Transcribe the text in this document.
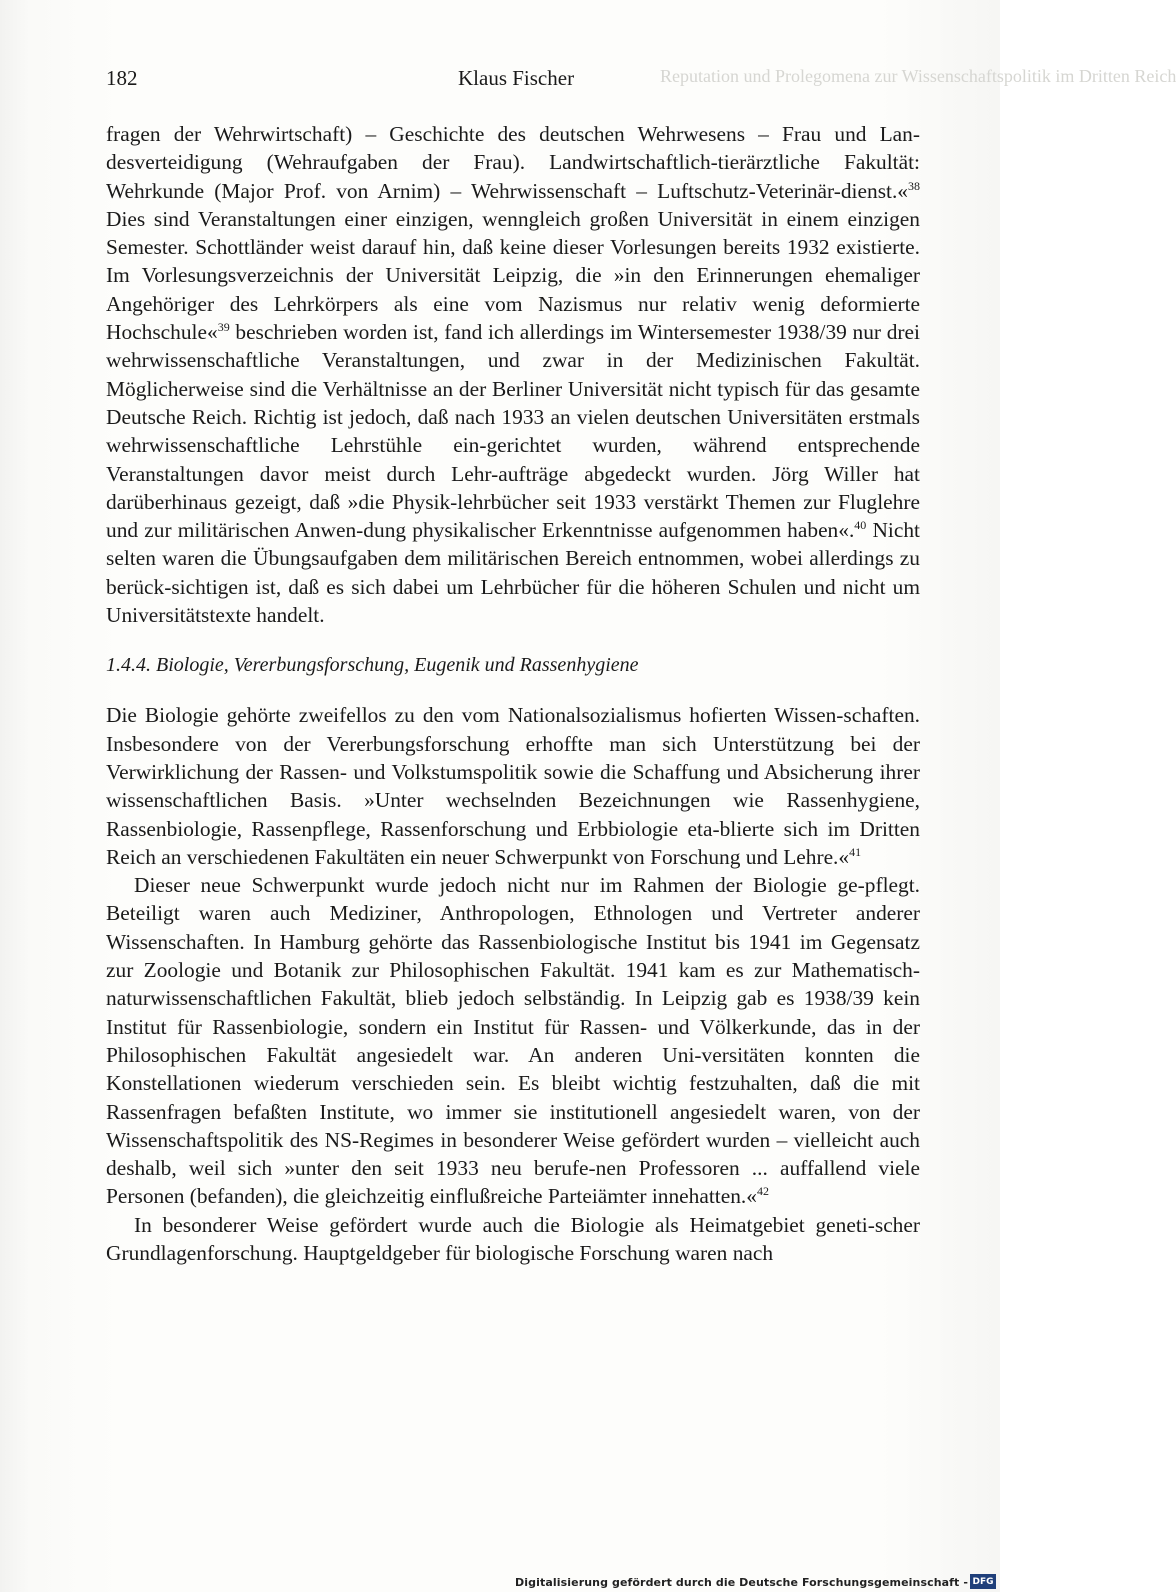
Reputation und Prolegomena zur Wissenschaftspolitik im Dritten Reich
182	Klaus Fischer

fragen der Wehrwirtschaft) – Geschichte des deutschen Wehrwesens – Frau und Lan-desverteidigung (Wehraufgaben der Frau). Landwirtschaftlich-tierärztliche Fakultät: Wehrkunde (Major Prof. von Arnim) – Wehrwissenschaft – Luftschutz-Veterinär-dienst.«$^{38}$ Dies sind Veranstaltungen einer einzigen, wenngleich großen Universität in einem einzigen Semester. Schottländer weist darauf hin, daß keine dieser Vorlesungen bereits 1932 existierte. Im Vorlesungsverzeichnis der Universität Leipzig, die »in den Erinnerungen ehemaliger Angehöriger des Lehrkörpers als eine vom Nazismus nur relativ wenig deformierte Hochschule«$^{39}$ beschrieben worden ist, fand ich allerdings im Wintersemester 1938/39 nur drei wehrwissenschaftliche Veranstaltungen, und zwar in der Medizinischen Fakultät. Möglicherweise sind die Verhältnisse an der Berliner Universität nicht typisch für das gesamte Deutsche Reich. Richtig ist jedoch, daß nach 1933 an vielen deutschen Universitäten erstmals wehrwissenschaftliche Lehrstühle ein-gerichtet wurden, während entsprechende Veranstaltungen davor meist durch Lehr-aufträge abgedeckt wurden. Jörg Willer hat darüberhinaus gezeigt, daß »die Physik-lehrbücher seit 1933 verstärkt Themen zur Fluglehre und zur militärischen Anwen-dung physikalischer Erkenntnisse aufgenommen haben«.$^{40}$ Nicht selten waren die Übungsaufgaben dem militärischen Bereich entnommen, wobei allerdings zu berück-sichtigen ist, daß es sich dabei um Lehrbücher für die höheren Schulen und nicht um Universitätstexte handelt.

1.4.4. Biologie, Vererbungsforschung, Eugenik und Rassenhygiene

Die Biologie gehörte zweifellos zu den vom Nationalsozialismus hofierten Wissen-schaften. Insbesondere von der Vererbungsforschung erhoffte man sich Unterstützung bei der Verwirklichung der Rassen- und Volkstumspolitik sowie die Schaffung und Absicherung ihrer wissenschaftlichen Basis. »Unter wechselnden Bezeichnungen wie Rassenhygiene, Rassenbiologie, Rassenpflege, Rassenforschung und Erbbiologie eta-blierte sich im Dritten Reich an verschiedenen Fakultäten ein neuer Schwerpunkt von Forschung und Lehre.«$^{41}$

Dieser neue Schwerpunkt wurde jedoch nicht nur im Rahmen der Biologie ge-pflegt. Beteiligt waren auch Mediziner, Anthropologen, Ethnologen und Vertreter anderer Wissenschaften. In Hamburg gehörte das Rassenbiologische Institut bis 1941 im Gegensatz zur Zoologie und Botanik zur Philosophischen Fakultät. 1941 kam es zur Mathematisch-naturwissenschaftlichen Fakultät, blieb jedoch selbständig. In Leipzig gab es 1938/39 kein Institut für Rassenbiologie, sondern ein Institut für Rassen- und Völkerkunde, das in der Philosophischen Fakultät angesiedelt war. An anderen Uni-versitäten konnten die Konstellationen wiederum verschieden sein. Es bleibt wichtig festzuhalten, daß die mit Rassenfragen befaßten Institute, wo immer sie institutionell angesiedelt waren, von der Wissenschaftspolitik des NS-Regimes in besonderer Weise gefördert wurden – vielleicht auch deshalb, weil sich »unter den seit 1933 neu berufe-nen Professoren ... auffallend viele Personen (befanden), die gleichzeitig einflußreiche Parteiämter innehatten.«$^{42}$

In besonderer Weise gefördert wurde auch die Biologie als Heimatgebiet geneti-scher Grundlagenforschung. Hauptgeldgeber für biologische Forschung waren nach

Digitalisierung gefördert durch die Deutsche Forschungsgemeinschaft - DFG
